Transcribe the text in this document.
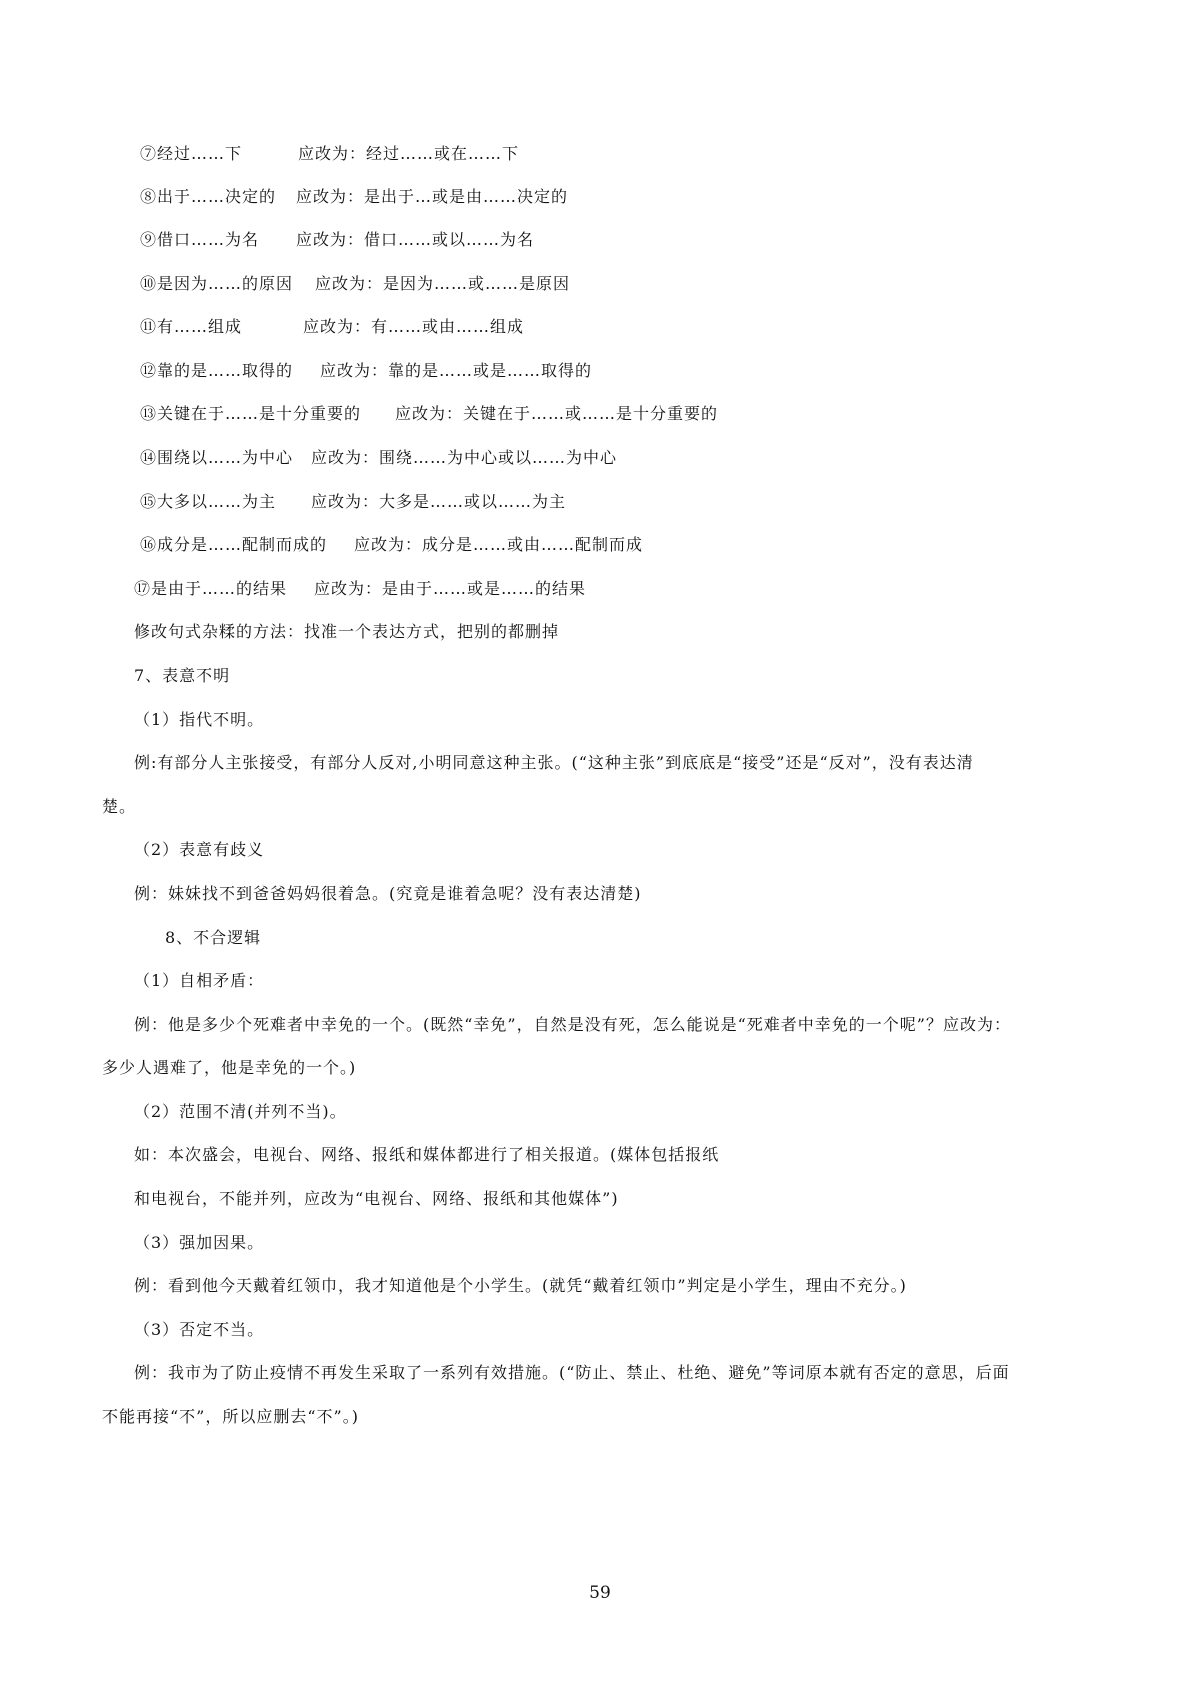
⑦经过……下	应改为：经过……或在……下

⑧出于……决定的 应改为：是出于…或是由……决定的

⑨借口……为名 应改为：借口……或以……为名

⑩是因为……的原因 应改为：是因为……或……是原因

⑪有……组成	应改为：有……或由……组成

⑫靠的是……取得的 应改为：靠的是……或是……取得的

⑬关键在于……是十分重要的 应改为：关键在于……或……是十分重要的

⑭围绕以……为中心 应改为：围绕……为中心或以……为中心

⑮大多以……为主 应改为：大多是……或以……为主

⑯成分是……配制而成的 应改为：成分是……或由……配制而成

⑰是由于……的结果 应改为：是由于……或是……的结果

修改句式杂糅的方法：找准一个表达方式，把别的都删掉

7、表意不明

（1）指代不明。

例:有部分人主张接受，有部分人反对,小明同意这种主张。(“这种主张”到底底是“接受”还是“反对”，没有表达清

楚。

（2）表意有歧义

例：妹妹找不到爸爸妈妈很着急。(究竟是谁着急呢？没有表达清楚)

8、不合逻辑

（1）自相矛盾：

例：他是多少个死难者中幸免的一个。(既然“幸免”，自然是没有死，怎么能说是“死难者中幸免的一个呢”？应改为：

多少人遇难了，他是幸免的一个。)

（2）范围不清(并列不当)。

如：本次盛会，电视台、网络、报纸和媒体都进行了相关报道。(媒体包括报纸

和电视台，不能并列，应改为“电视台、网络、报纸和其他媒体”)

（3）强加因果。

例：看到他今天戴着红领巾，我才知道他是个小学生。(就凭“戴着红领巾”判定是小学生，理由不充分。)

（3）否定不当。

例：我市为了防止疫情不再发生采取了一系列有效措施。(“防止、禁止、杜绝、避免”等词原本就有否定的意思，后面

不能再接“不”，所以应删去“不”。)

59
